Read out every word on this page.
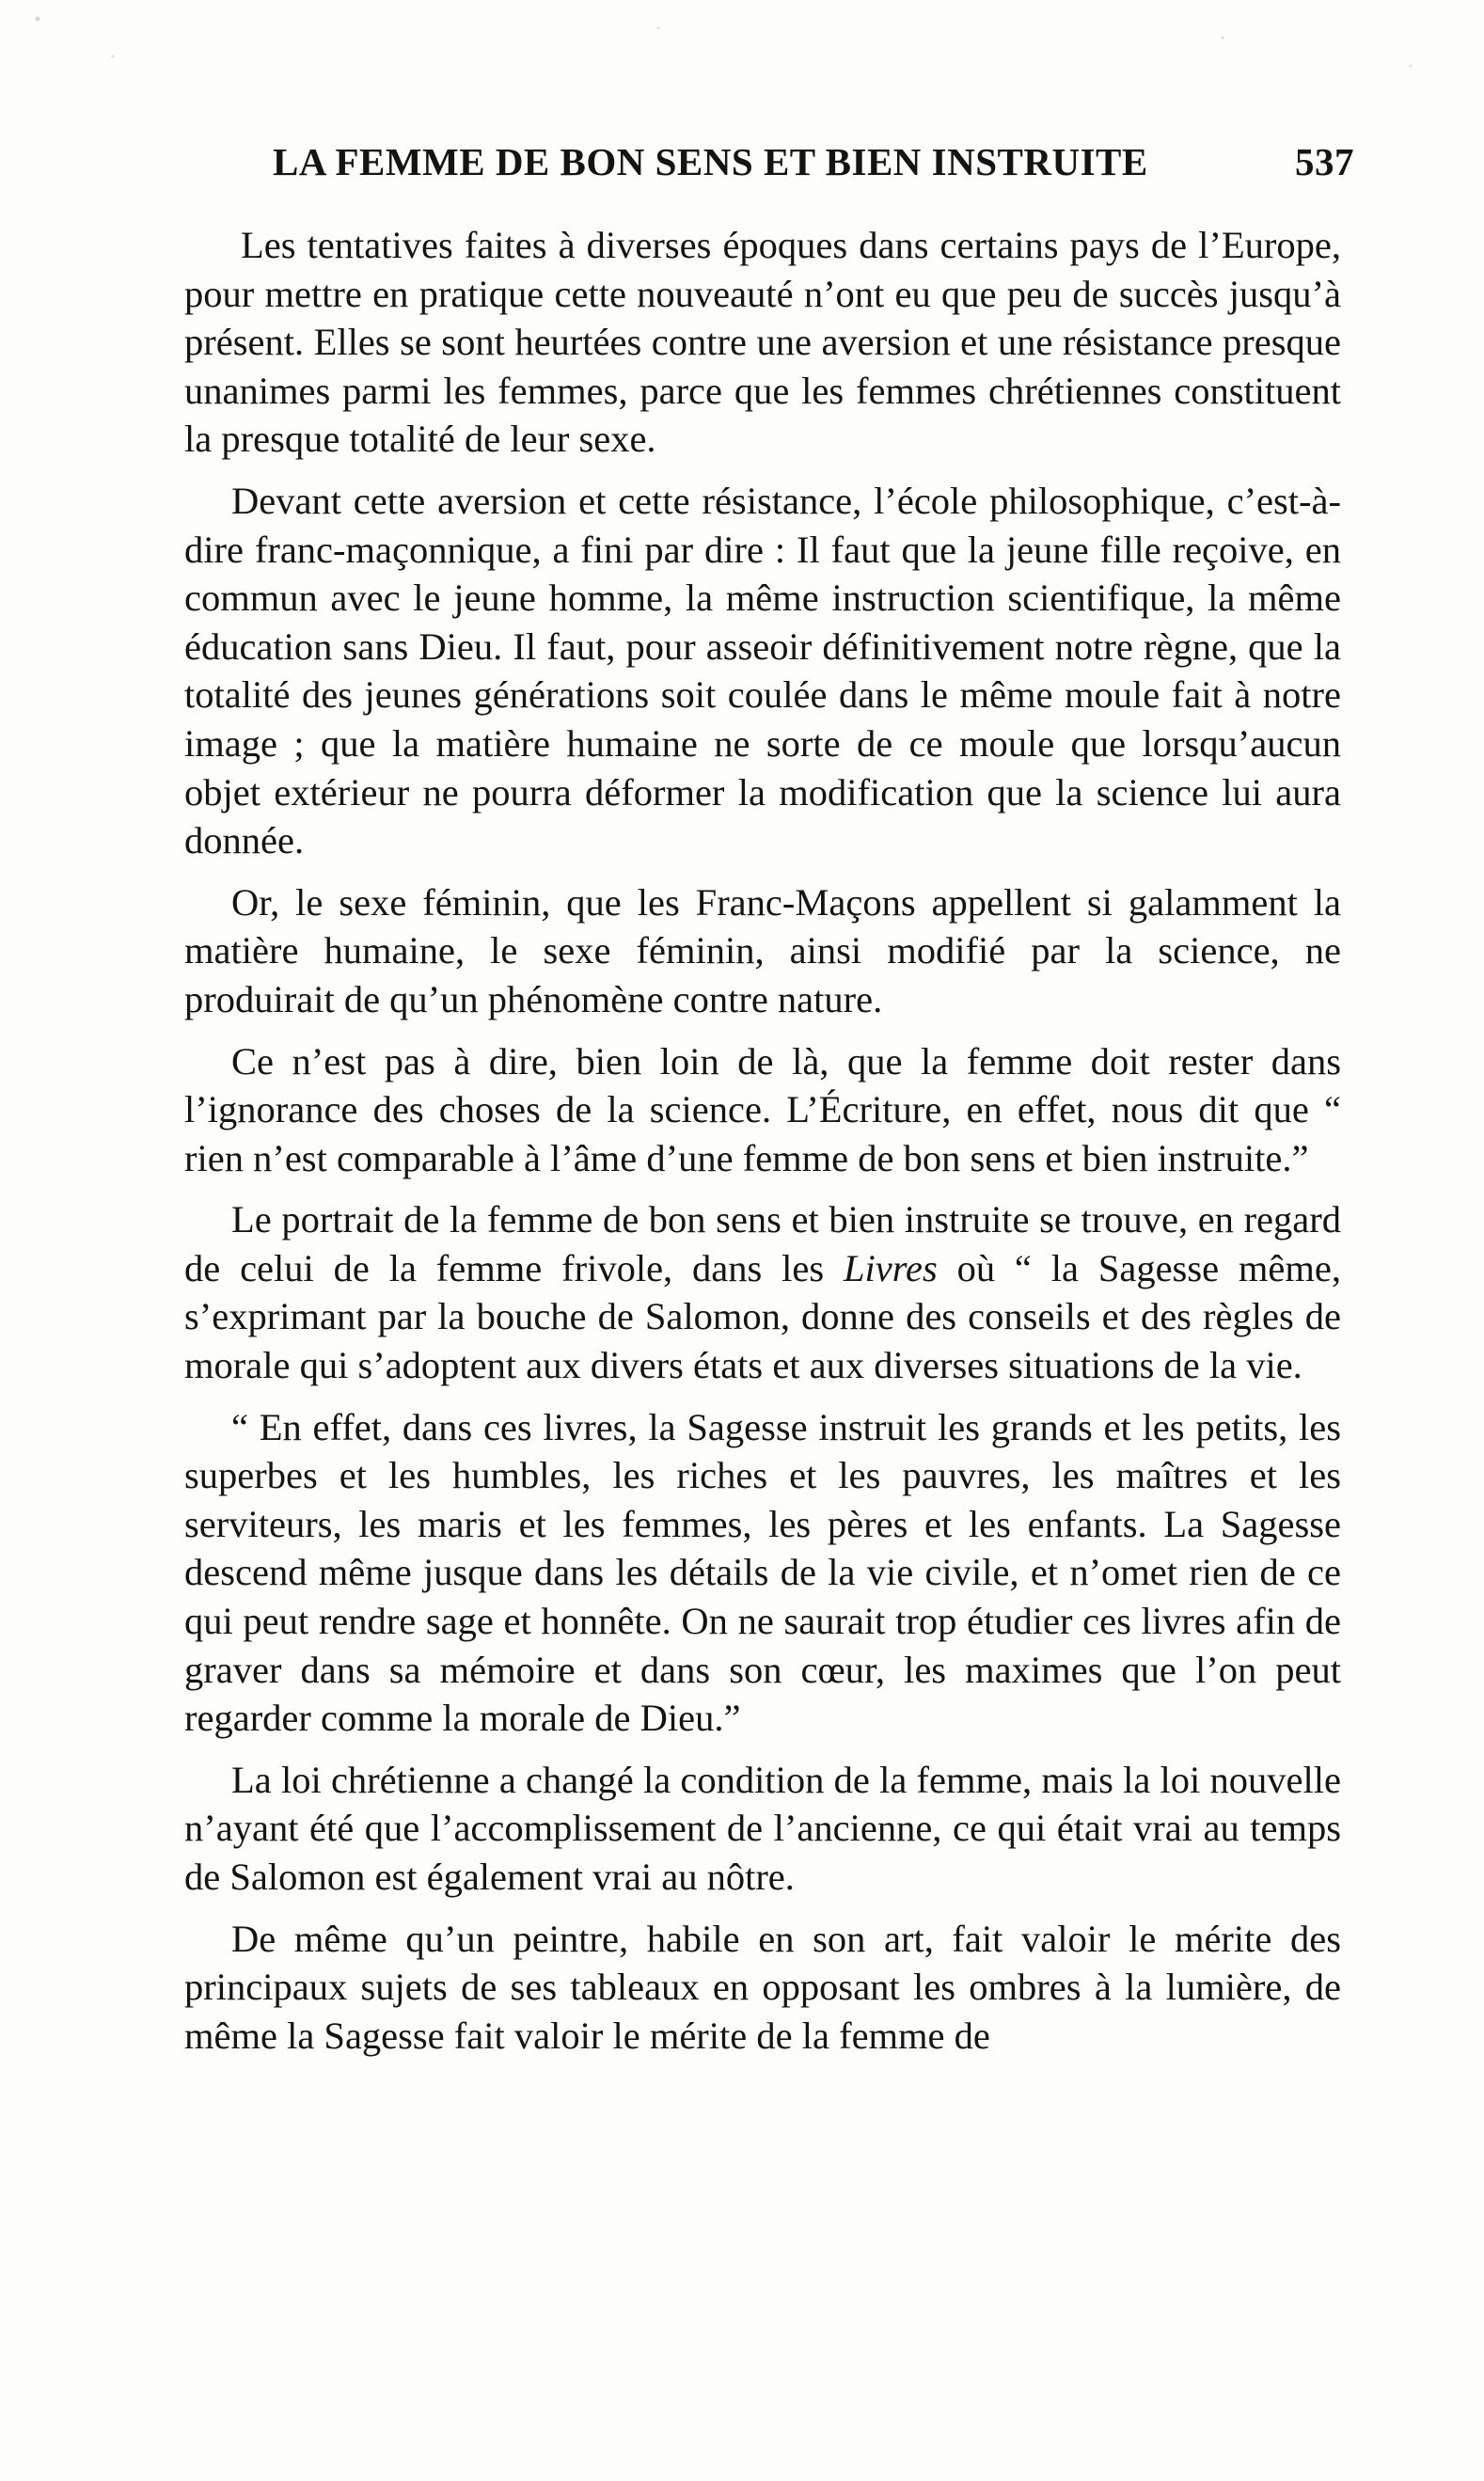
LA FEMME DE BON SENS ET BIEN INSTRUITE	537

Les tentatives faites à diverses époques dans certains pays de l’Europe, pour mettre en pratique cette nouveauté n’ont eu que peu de succès jusqu’à présent. Elles se sont heurtées contre une aversion et une résistance presque unanimes parmi les femmes, parce que les femmes chrétiennes constituent la presque totalité de leur sexe.

Devant cette aversion et cette résistance, l’école philosophique, c’est-à-dire franc-maçonnique, a fini par dire : Il faut que la jeune fille reçoive, en commun avec le jeune homme, la même instruction scientifique, la même éducation sans Dieu. Il faut, pour asseoir définitivement notre règne, que la totalité des jeunes générations soit coulée dans le même moule fait à notre image ; que la matière humaine ne sorte de ce moule que lorsqu’aucun objet extérieur ne pourra déformer la modification que la science lui aura donnée.

Or, le sexe féminin, que les Franc-Maçons appellent si galamment la matière humaine, le sexe féminin, ainsi modifié par la science, ne produirait de qu’un phénomène contre nature.

Ce n’est pas à dire, bien loin de là, que la femme doit rester dans l’ignorance des choses de la science. L’Écriture, en effet, nous dit que “ rien n’est comparable à l’âme d’une femme de bon sens et bien instruite.”

Le portrait de la femme de bon sens et bien instruite se trouve, en regard de celui de la femme frivole, dans les Livres où “ la Sagesse même, s’exprimant par la bouche de Salomon, donne des conseils et des règles de morale qui s’adoptent aux divers états et aux diverses situations de la vie.

“ En effet, dans ces livres, la Sagesse instruit les grands et les petits, les superbes et les humbles, les riches et les pauvres, les maîtres et les serviteurs, les maris et les femmes, les pères et les enfants. La Sagesse descend même jusque dans les détails de la vie civile, et n’omet rien de ce qui peut rendre sage et honnête. On ne saurait trop étudier ces livres afin de graver dans sa mémoire et dans son cœur, les maximes que l’on peut regarder comme la morale de Dieu.”

La loi chrétienne a changé la condition de la femme, mais la loi nouvelle n’ayant été que l’accomplissement de l’ancienne, ce qui était vrai au temps de Salomon est également vrai au nôtre.

De même qu’un peintre, habile en son art, fait valoir le mérite des principaux sujets de ses tableaux en opposant les ombres à la lumière, de même la Sagesse fait valoir le mérite de la femme de
